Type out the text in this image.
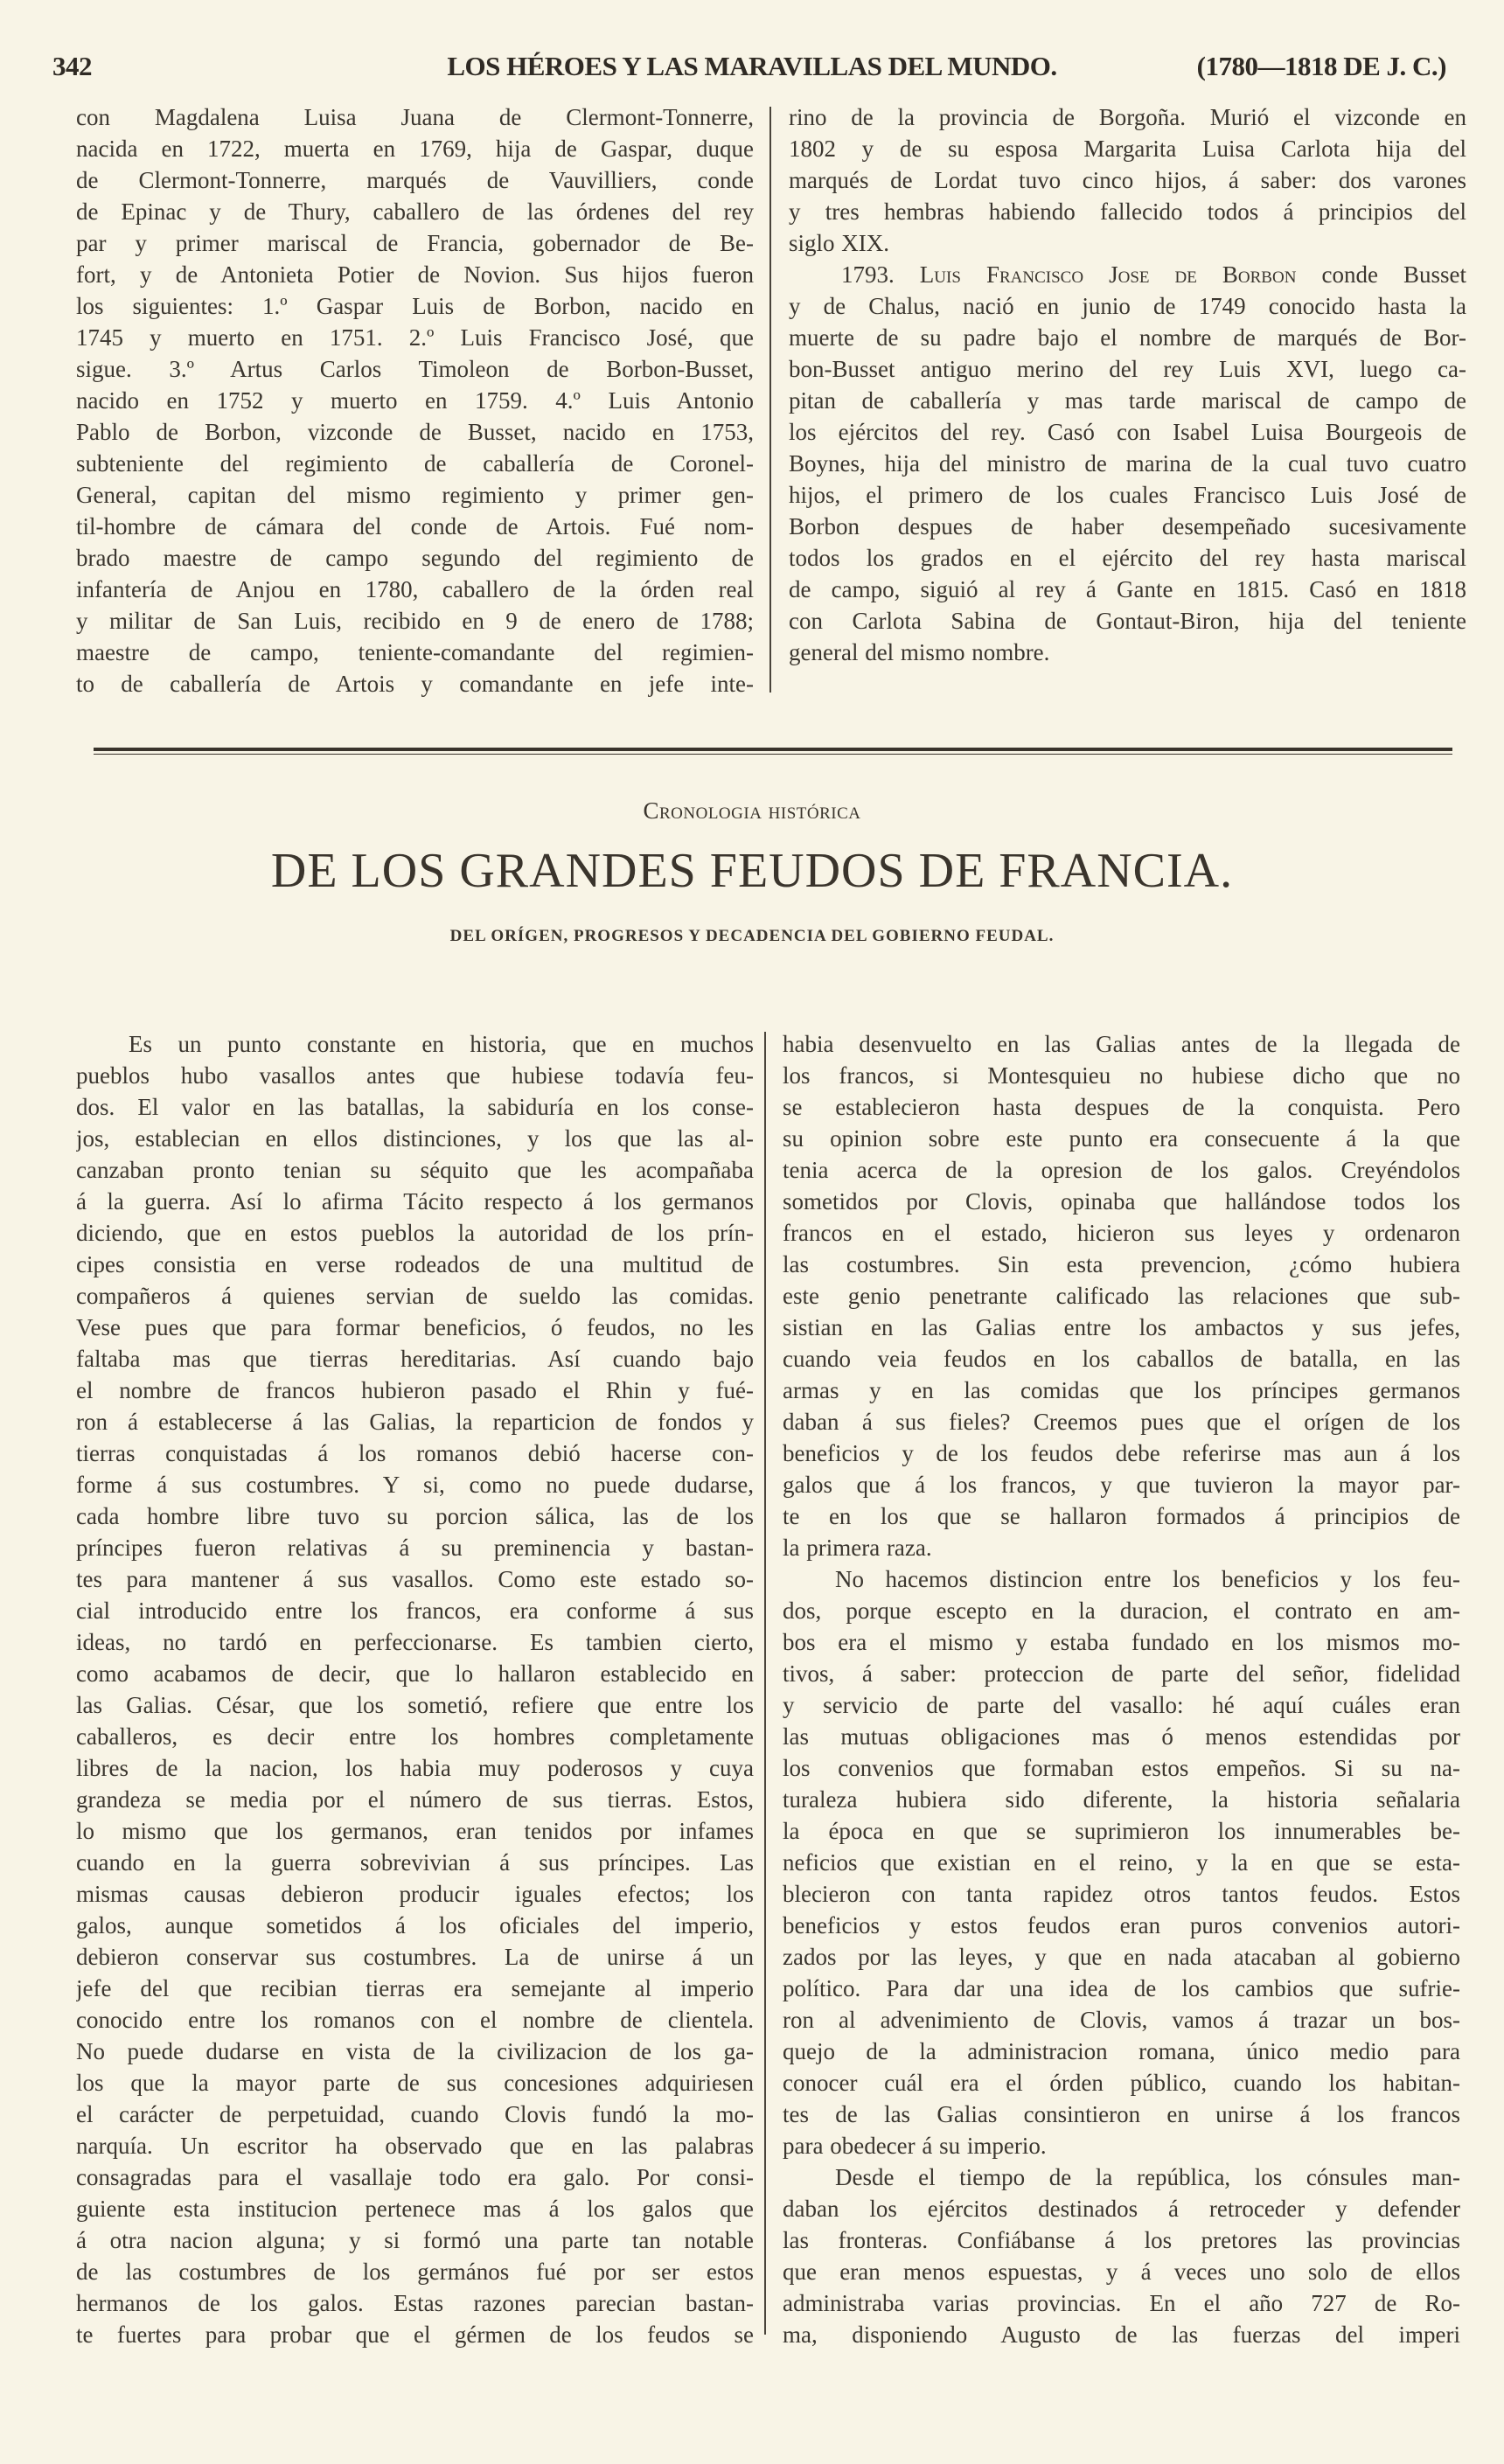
342	LOS HÉROES Y LAS MARAVILLAS DEL MUNDO.	(1780—1818 DE J. C.)
con Magdalena Luisa Juana de Clermont-Tonnerre,
nacida en 1722, muerta en 1769, hija de Gaspar, duque
de Clermont-Tonnerre, marqués de Vauvilliers, conde
de Epinac y de Thury, caballero de las órdenes del rey
par y primer mariscal de Francia, gobernador de Be-
fort, y de Antonieta Potier de Novion. Sus hijos fueron
los siguientes: 1.º Gaspar Luis de Borbon, nacido en
1745 y muerto en 1751. 2.º Luis Francisco José, que
sigue. 3.º Artus Carlos Timoleon de Borbon-Busset,
nacido en 1752 y muerto en 1759. 4.º Luis Antonio
Pablo de Borbon, vizconde de Busset, nacido en 1753,
subteniente del regimiento de caballería de Coronel-
General, capitan del mismo regimiento y primer gen-
til-hombre de cámara del conde de Artois. Fué nom-
brado maestre de campo segundo del regimiento de
infantería de Anjou en 1780, caballero de la órden real
y militar de San Luis, recibido en 9 de enero de 1788;
maestre de campo, teniente-comandante del regimien-
to de caballería de Artois y comandante en jefe inte-
rino de la provincia de Borgoña. Murió el vizconde en
1802 y de su esposa Margarita Luisa Carlota hija del
marqués de Lordat tuvo cinco hijos, á saber: dos varones
y tres hembras habiendo fallecido todos á principios del
siglo XIX.
1793. Luis Francisco Jose de Borbon conde Busset
y de Chalus, nació en junio de 1749 conocido hasta la
muerte de su padre bajo el nombre de marqués de Bor-
bon-Busset antiguo merino del rey Luis XVI, luego ca-
pitan de caballería y mas tarde mariscal de campo de
los ejércitos del rey. Casó con Isabel Luisa Bourgeois de
Boynes, hija del ministro de marina de la cual tuvo cuatro
hijos, el primero de los cuales Francisco Luis José de
Borbon despues de haber desempeñado sucesivamente
todos los grados en el ejército del rey hasta mariscal
de campo, siguió al rey á Gante en 1815. Casó en 1818
con Carlota Sabina de Gontaut-Biron, hija del teniente
general del mismo nombre.
Cronologia histórica
DE LOS GRANDES FEUDOS DE FRANCIA.
DEL ORÍGEN, PROGRESOS Y DECADENCIA DEL GOBIERNO FEUDAL.
Es un punto constante en historia, que en muchos
pueblos hubo vasallos antes que hubiese todavía feu-
dos. El valor en las batallas, la sabiduría en los conse-
jos, establecian en ellos distinciones, y los que las al-
canzaban pronto tenian su séquito que les acompañaba
á la guerra. Así lo afirma Tácito respecto á los germanos
diciendo, que en estos pueblos la autoridad de los prín-
cipes consistia en verse rodeados de una multitud de
compañeros á quienes servian de sueldo las comidas.
Vese pues que para formar beneficios, ó feudos, no les
faltaba mas que tierras hereditarias. Así cuando bajo
el nombre de francos hubieron pasado el Rhin y fué-
ron á establecerse á las Galias, la reparticion de fondos y
tierras conquistadas á los romanos debió hacerse con-
forme á sus costumbres. Y si, como no puede dudarse,
cada hombre libre tuvo su porcion sálica, las de los
príncipes fueron relativas á su preminencia y bastan-
tes para mantener á sus vasallos. Como este estado so-
cial introducido entre los francos, era conforme á sus
ideas, no tardó en perfeccionarse. Es tambien cierto,
como acabamos de decir, que lo hallaron establecido en
las Galias. César, que los sometió, refiere que entre los
caballeros, es decir entre los hombres completamente
libres de la nacion, los habia muy poderosos y cuya
grandeza se media por el número de sus tierras. Estos,
lo mismo que los germanos, eran tenidos por infames
cuando en la guerra sobrevivian á sus príncipes. Las
mismas causas debieron producir iguales efectos; los
galos, aunque sometidos á los oficiales del imperio,
debieron conservar sus costumbres. La de unirse á un
jefe del que recibian tierras era semejante al imperio
conocido entre los romanos con el nombre de clientela.
No puede dudarse en vista de la civilizacion de los ga-
los que la mayor parte de sus concesiones adquiriesen
el carácter de perpetuidad, cuando Clovis fundó la mo-
narquía. Un escritor ha observado que en las palabras
consagradas para el vasallaje todo era galo. Por consi-
guiente esta institucion pertenece mas á los galos que
á otra nacion alguna; y si formó una parte tan notable
de las costumbres de los germános fué por ser estos
hermanos de los galos. Estas razones parecian bastan-
te fuertes para probar que el gérmen de los feudos se
habia desenvuelto en las Galias antes de la llegada de
los francos, si Montesquieu no hubiese dicho que no
se establecieron hasta despues de la conquista. Pero
su opinion sobre este punto era consecuente á la que
tenia acerca de la opresion de los galos. Creyéndolos
sometidos por Clovis, opinaba que hallándose todos los
francos en el estado, hicieron sus leyes y ordenaron
las costumbres. Sin esta prevencion, ¿cómo hubiera
este genio penetrante calificado las relaciones que sub-
sistian en las Galias entre los ambactos y sus jefes,
cuando veia feudos en los caballos de batalla, en las
armas y en las comidas que los príncipes germanos
daban á sus fieles? Creemos pues que el orígen de los
beneficios y de los feudos debe referirse mas aun á los
galos que á los francos, y que tuvieron la mayor par-
te en los que se hallaron formados á principios de
la primera raza.
No hacemos distincion entre los beneficios y los feu-
dos, porque escepto en la duracion, el contrato en am-
bos era el mismo y estaba fundado en los mismos mo-
tivos, á saber: proteccion de parte del señor, fidelidad
y servicio de parte del vasallo: hé aquí cuáles eran
las mutuas obligaciones mas ó menos estendidas por
los convenios que formaban estos empeños. Si su na-
turaleza hubiera sido diferente, la historia señalaria
la época en que se suprimieron los innumerables be-
neficios que existian en el reino, y la en que se esta-
blecieron con tanta rapidez otros tantos feudos. Estos
beneficios y estos feudos eran puros convenios autori-
zados por las leyes, y que en nada atacaban al gobierno
político. Para dar una idea de los cambios que sufrie-
ron al advenimiento de Clovis, vamos á trazar un bos-
quejo de la administracion romana, único medio para
conocer cuál era el órden público, cuando los habitan-
tes de las Galias consintieron en unirse á los francos
para obedecer á su imperio.
Desde el tiempo de la república, los cónsules man-
daban los ejércitos destinados á retroceder y defender
las fronteras. Confiábanse á los pretores las provincias
que eran menos espuestas, y á veces uno solo de ellos
administraba varias provincias. En el año 727 de Ro-
ma, disponiendo Augusto de las fuerzas del imperi
